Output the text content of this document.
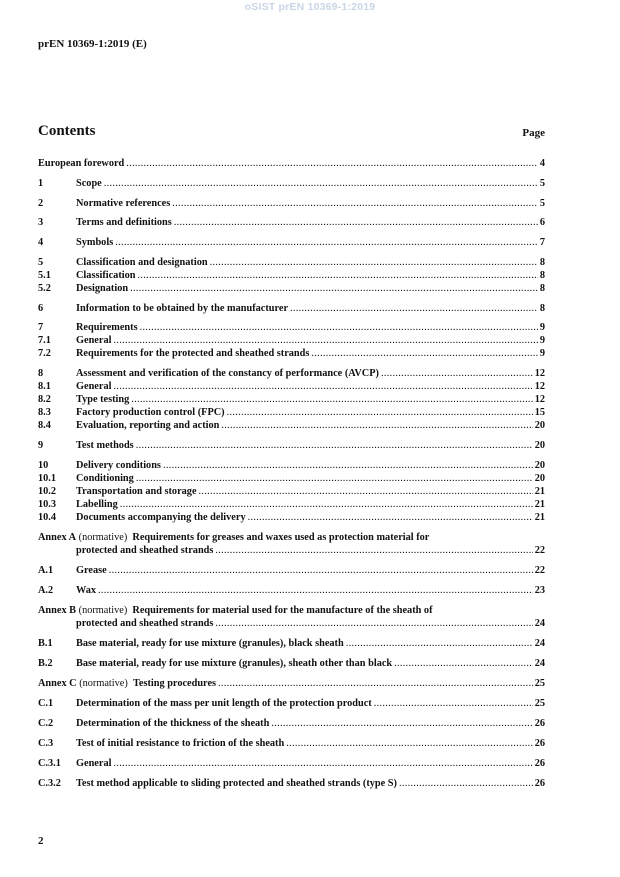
oSIST prEN 10369-1:2019
prEN 10369-1:2019 (E)
Contents	Page
European foreword .....	4
1	Scope .....	5
2	Normative references .....	5
3	Terms and definitions .....	6
4	Symbols .....	7
5	Classification and designation .....	8
5.1	Classification .....	8
5.2	Designation .....	8
6	Information to be obtained by the manufacturer .....	8
7	Requirements .....	9
7.1	General .....	9
7.2	Requirements for the protected and sheathed strands .....	9
8	Assessment and verification of the constancy of performance (AVCP) .....	12
8.1	General .....	12
8.2	Type testing .....	12
8.3	Factory production control (FPC) .....	15
8.4	Evaluation, reporting and action .....	20
9	Test methods .....	20
10	Delivery conditions .....	20
10.1	Conditioning .....	20
10.2	Transportation and storage .....	21
10.3	Labelling .....	21
10.4	Documents accompanying the delivery .....	21
Annex A
(normative)
Requirements for greases and waxes used as protection material for
protected and sheathed strands .....	22
A.1	Grease .....	22
A.2	Wax .....	23
Annex B
(normative)
Requirements for material used for the manufacture of the sheath of
protected and sheathed strands .....	24
B.1	Base material, ready for use mixture (granules), black sheath .....	24
B.2	Base material, ready for use mixture (granules), sheath other than black .....	24
Annex C
(normative)
Testing procedures .....	25
C.1	Determination of the mass per unit length of the protection product .....	25
C.2	Determination of the thickness of the sheath .....	26
C.3	Test of initial resistance to friction of the sheath .....	26
C.3.1	General .....	26
C.3.2	Test method applicable to sliding protected and sheathed strands (type S) .....	26
2
